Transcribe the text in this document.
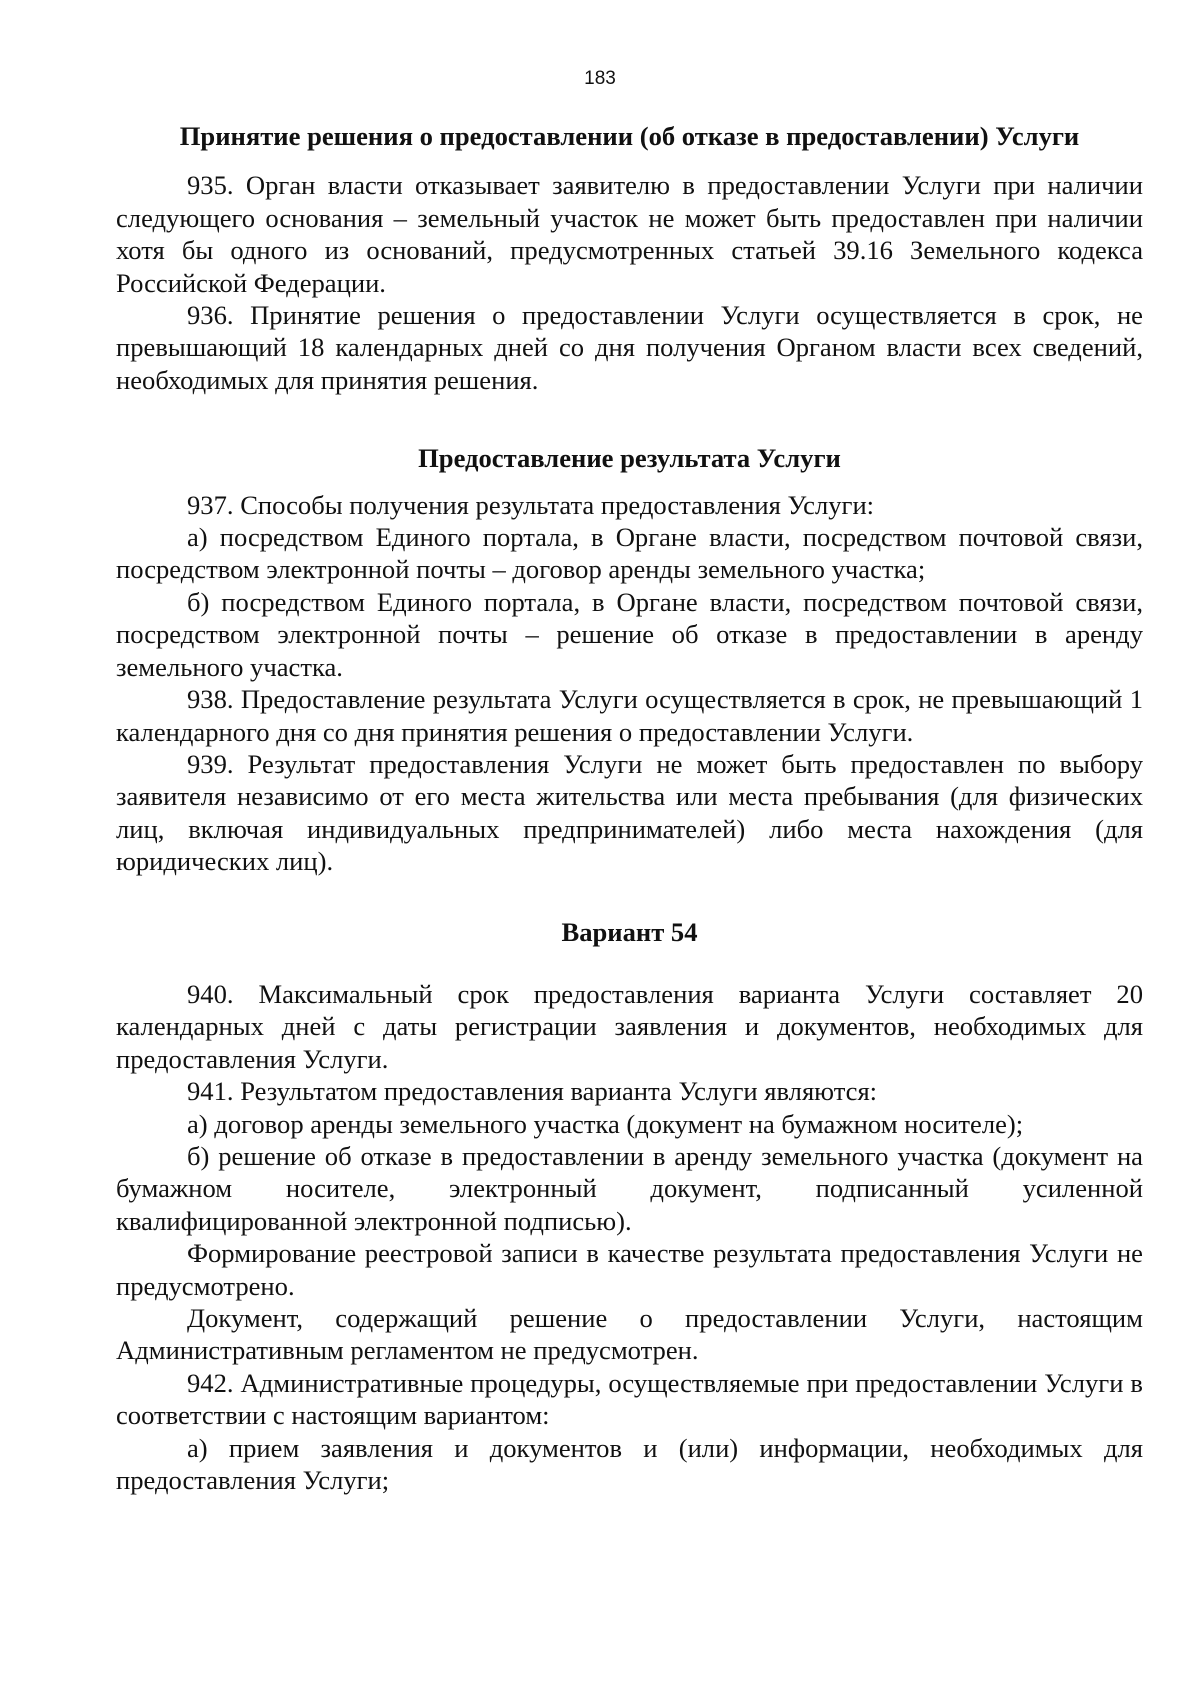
183
Принятие решения о предоставлении (об отказе в предоставлении) Услуги

935. Орган власти отказывает заявителю в предоставлении Услуги при наличии следующего основания – земельный участок не может быть предоставлен при наличии хотя бы одного из оснований, предусмотренных статьей 39.16 Земельного кодекса Российской Федерации.

936. Принятие решения о предоставлении Услуги осуществляется в срок, не превышающий 18 календарных дней со дня получения Органом власти всех сведений, необходимых для принятия решения.

Предоставление результата Услуги

937. Способы получения результата предоставления Услуги:

а) посредством Единого портала, в Органе власти, посредством почтовой связи, посредством электронной почты – договор аренды земельного участка;

б) посредством Единого портала, в Органе власти, посредством почтовой связи, посредством электронной почты – решение об отказе в предоставлении в аренду земельного участка.

938. Предоставление результата Услуги осуществляется в срок, не превышающий 1 календарного дня со дня принятия решения о предоставлении Услуги.

939. Результат предоставления Услуги не может быть предоставлен по выбору заявителя независимо от его места жительства или места пребывания (для физических лиц, включая индивидуальных предпринимателей) либо места нахождения (для юридических лиц).

Вариант 54

940. Максимальный срок предоставления варианта Услуги составляет 20 календарных дней с даты регистрации заявления и документов, необходимых для предоставления Услуги.

941. Результатом предоставления варианта Услуги являются:

а) договор аренды земельного участка (документ на бумажном носителе);

б) решение об отказе в предоставлении в аренду земельного участка (документ на бумажном носителе, электронный документ, подписанный усиленной квалифицированной электронной подписью).

Формирование реестровой записи в качестве результата предоставления Услуги не предусмотрено.

Документ, содержащий решение о предоставлении Услуги, настоящим Административным регламентом не предусмотрен.

942. Административные процедуры, осуществляемые при предоставлении Услуги в соответствии с настоящим вариантом:

а) прием заявления и документов и (или) информации, необходимых для предоставления Услуги;
